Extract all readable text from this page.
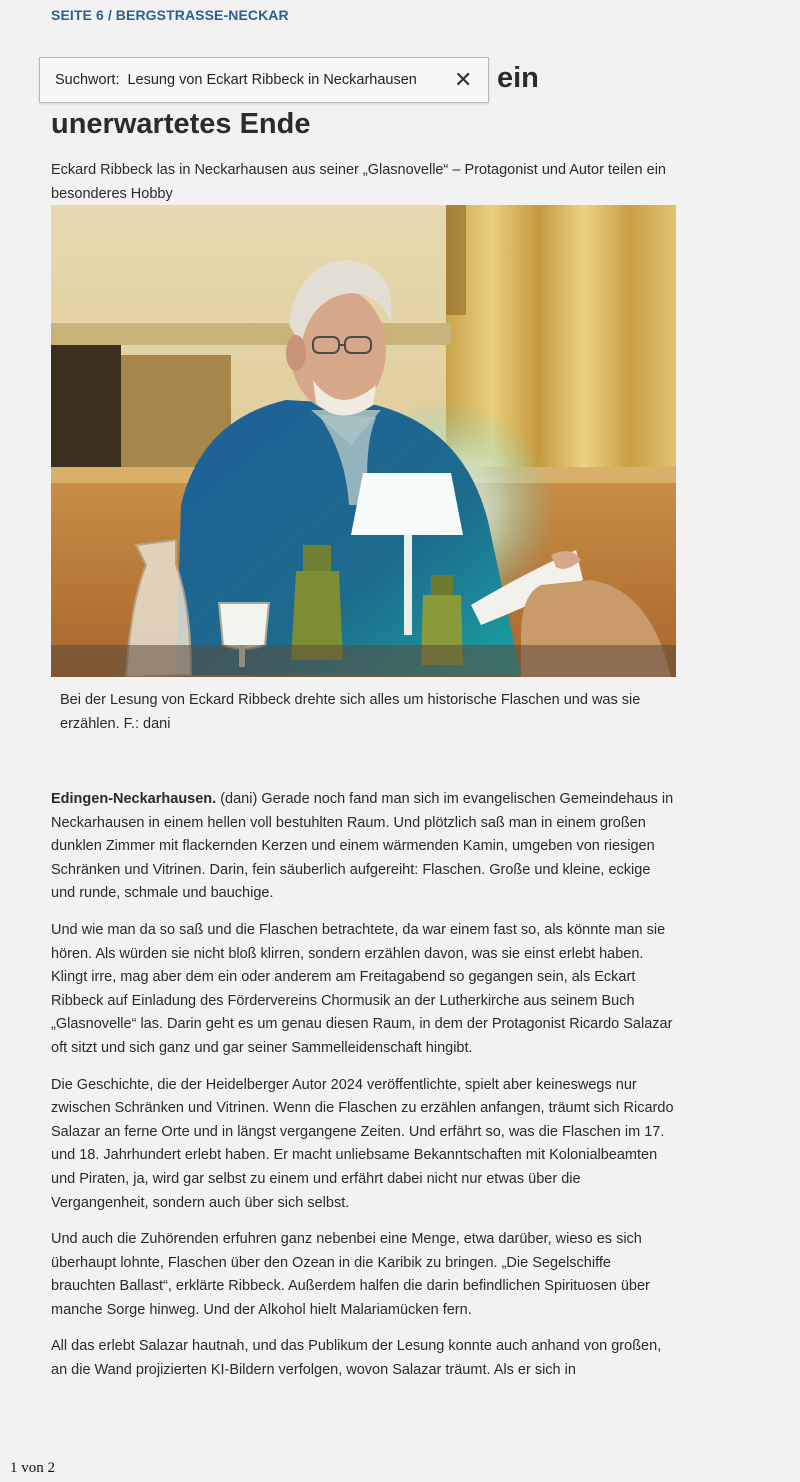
SEITE 6 / BERGSTRASSE-NECKAR
ein
unerwartetes Ende
Suchwort: Lesung von Eckart Ribbeck in Neckarhausen ✕

Eckard Ribbeck las in Neckarhausen aus seiner „Glasnovelle“ – Protagonist und Autor teilen ein besonderes Hobby

Bei der Lesung von Eckard Ribbeck drehte sich alles um historische Flaschen und was sie erzählen. F.: dani

Edingen-Neckarhausen. (dani) Gerade noch fand man sich im evangelischen Gemeindehaus in Neckarhausen in einem hellen voll bestuhlten Raum. Und plötzlich saß man in einem großen dunklen Zimmer mit flackernden Kerzen und einem wärmenden Kamin, umgeben von riesigen Schränken und Vitrinen. Darin, fein säuberlich aufgereiht: Flaschen. Große und kleine, eckige und runde, schmale und bauchige.

Und wie man da so saß und die Flaschen betrachtete, da war einem fast so, als könnte man sie hören. Als würden sie nicht bloß klirren, sondern erzählen davon, was sie einst erlebt haben. Klingt irre, mag aber dem ein oder anderem am Freitagabend so gegangen sein, als Eckart Ribbeck auf Einladung des Fördervereins Chormusik an der Lutherkirche aus seinem Buch „Glasnovelle“ las. Darin geht es um genau diesen Raum, in dem der Protagonist Ricardo Salazar oft sitzt und sich ganz und gar seiner Sammelleidenschaft hingibt.

Die Geschichte, die der Heidelberger Autor 2024 veröffentlichte, spielt aber keineswegs nur zwischen Schränken und Vitrinen. Wenn die Flaschen zu erzählen anfangen, träumt sich Ricardo Salazar an ferne Orte und in längst vergangene Zeiten. Und erfährt so, was die Flaschen im 17. und 18. Jahrhundert erlebt haben. Er macht unliebsame Bekanntschaften mit Kolonialbeamten und Piraten, ja, wird gar selbst zu einem und erfährt dabei nicht nur etwas über die Vergangenheit, sondern auch über sich selbst.

Und auch die Zuhörenden erfuhren ganz nebenbei eine Menge, etwa darüber, wieso es sich überhaupt lohnte, Flaschen über den Ozean in die Karibik zu bringen. „Die Segelschiffe brauchten Ballast“, erklärte Ribbeck. Außerdem halfen die darin befindlichen Spirituosen über manche Sorge hinweg. Und der Alkohol hielt Malariamücken fern.

All das erlebt Salazar hautnah, und das Publikum der Lesung konnte auch anhand von großen, an die Wand projizierten KI-Bildern verfolgen, wovon Salazar träumt. Als er sich in

1 von 2
